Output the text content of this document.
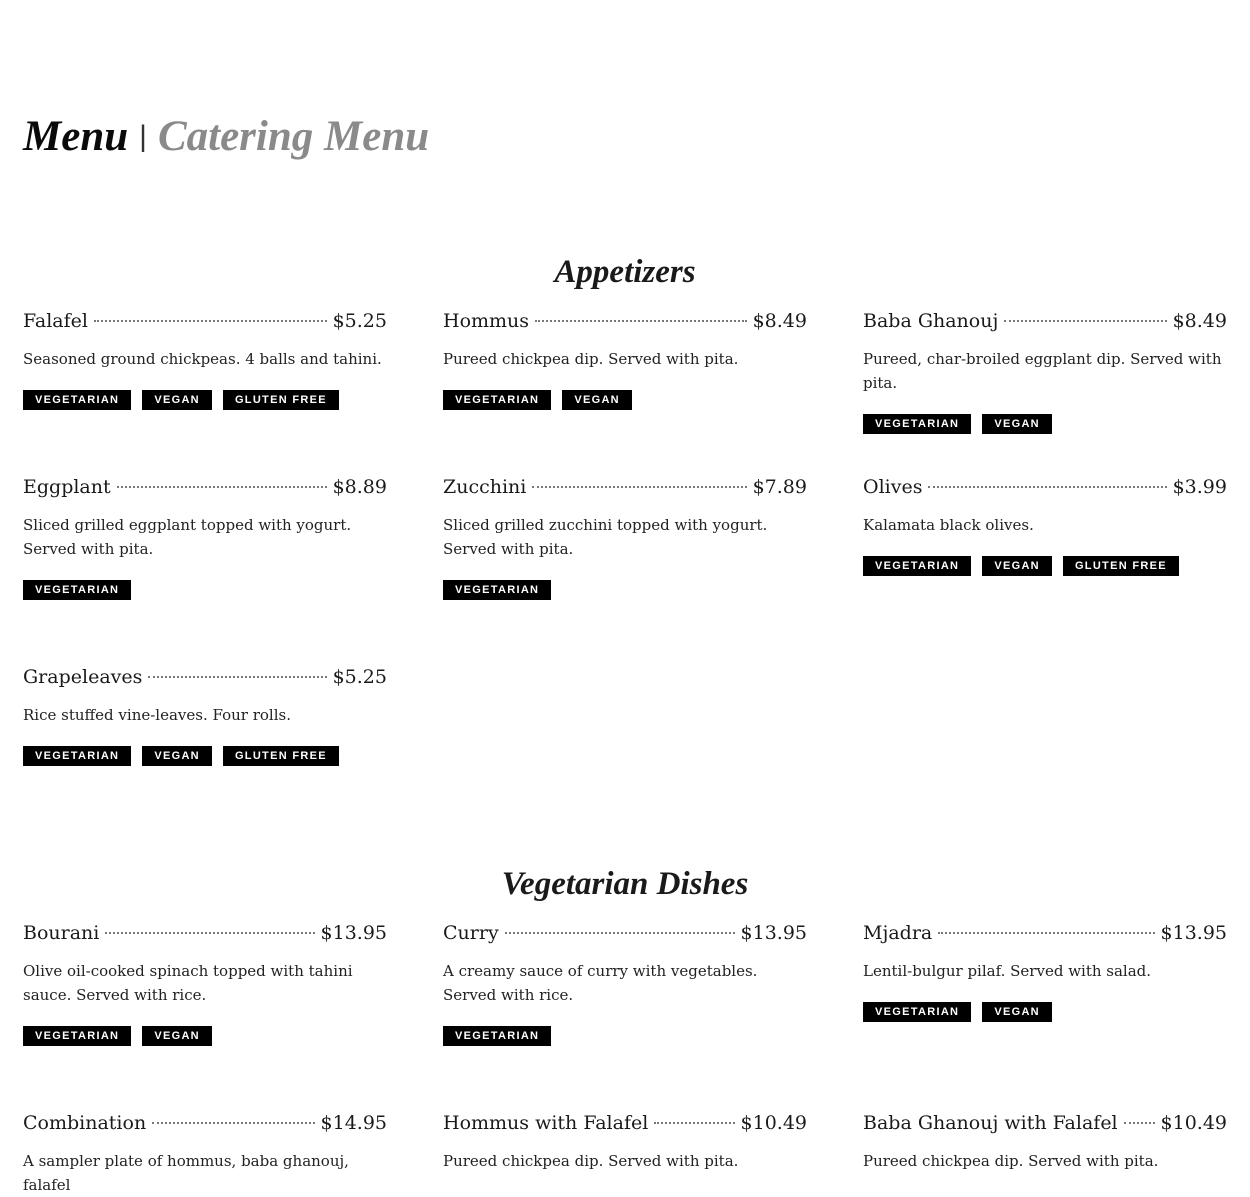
Menu | Catering Menu
Appetizers
Falafel	$5.25
Seasoned ground chickpeas. 4 balls and tahini.
VEGETARIAN	VEGAN	GLUTEN FREE
Hommus	$8.49
Pureed chickpea dip. Served with pita.
VEGETARIAN	VEGAN
Baba Ghanouj	$8.49
Pureed, char-broiled eggplant dip. Served with pita.
VEGETARIAN	VEGAN
Eggplant	$8.89
Sliced grilled eggplant topped with yogurt. Served with pita.
VEGETARIAN
Zucchini	$7.89
Sliced grilled zucchini topped with yogurt. Served with pita.
VEGETARIAN
Olives	$3.99
Kalamata black olives.
VEGETARIAN	VEGAN	GLUTEN FREE
Grapeleaves	$5.25
Rice stuffed vine-leaves. Four rolls.
VEGETARIAN	VEGAN	GLUTEN FREE
Vegetarian Dishes
Bourani	$13.95
Olive oil-cooked spinach topped with tahini sauce. Served with rice.
VEGETARIAN	VEGAN
Curry	$13.95
A creamy sauce of curry with vegetables. Served with rice.
VEGETARIAN
Mjadra	$13.95
Lentil-bulgur pilaf. Served with salad.
VEGETARIAN	VEGAN
Combination	$14.95
A sampler plate of hommus, baba ghanouj, falafel
Hommus with Falafel	$10.49
Pureed chickpea dip. Served with pita.
Baba Ghanouj with Falafel $10.49
Pureed chickpea dip. Served with pita.
